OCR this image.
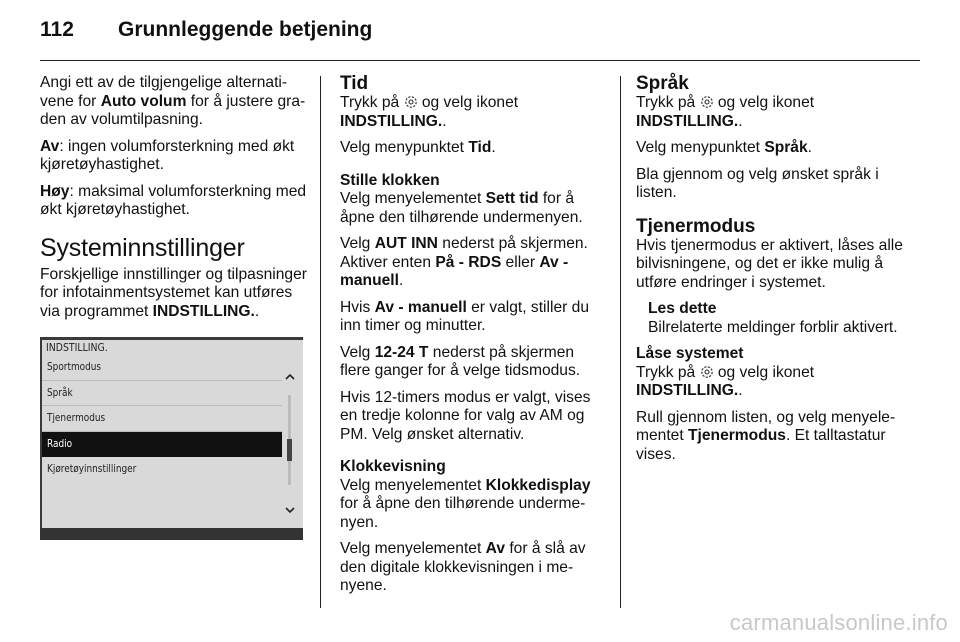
112	Grunnleggende betjening

Angi ett av de tilgjengelige alternativene for Auto volum for å justere graden av volumtilpasning.

Av: ingen volumforsterkning med økt kjøretøyhastighet.

Høy: maksimal volumforsterkning med økt kjøretøyhastighet.

Systeminnstillinger

Forskjellige innstillinger og tilpasninger for infotainmentsystemet kan utføres via programmet INDSTILLING..

INDSTILLING.
Sportmodus
Språk
Tjenermodus
Radio
Kjøretøyinnstillinger
Tid

Trykk på  og velg ikonet INDSTILLING..

Velg menypunktet Tid.

Stille klokken

Velg menyelementet Sett tid for å åpne den tilhørende undermenyen.

Velg AUT INN nederst på skjermen. Aktiver enten På - RDS eller Av - manuell.

Hvis Av - manuell er valgt, stiller du inn timer og minutter.

Velg 12-24 T nederst på skjermen flere ganger for å velge tidsmodus.

Hvis 12-timers modus er valgt, vises en tredje kolonne for valg av AM og PM. Velg ønsket alternativ.

Klokkevisning

Velg menyelementet Klokkedisplay for å åpne den tilhørende undermenyen.

Velg menyelementet Av for å slå av den digitale klokkevisningen i menyene.

Språk

Trykk på  og velg ikonet INDSTILLING..

Velg menypunktet Språk.

Bla gjennom og velg ønsket språk i listen.

Tjenermodus

Hvis tjenermodus er aktivert, låses alle bilvisningene, og det er ikke mulig å utføre endringer i systemet.

Les dette
Bilrelaterte meldinger forblir aktivert.
Låse systemet

Trykk på  og velg ikonet INDSTILLING..

Rull gjennom listen, og velg menyelementet Tjenermodus. Et talltastatur vises.

carmanualsonline.info
